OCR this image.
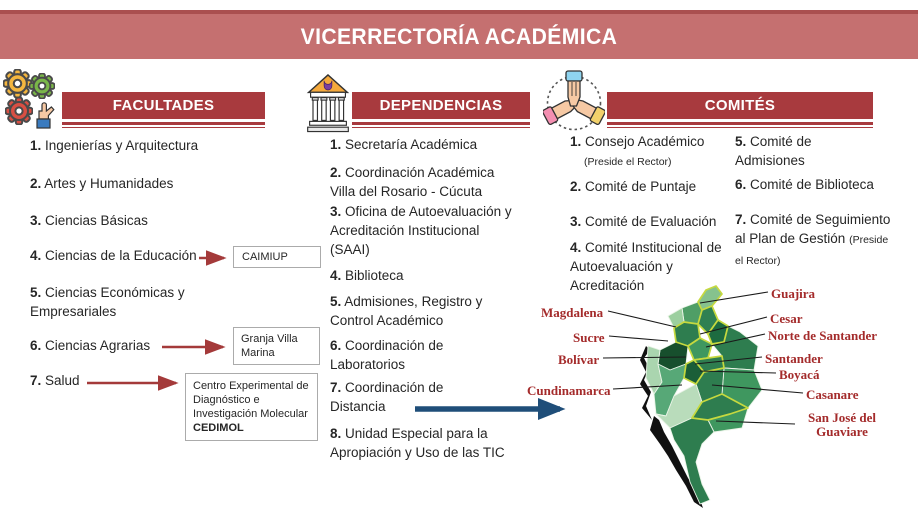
VICERRECTORÍA ACADÉMICA
FACULTADES	DEPENDENCIAS	COMITÉS
1. Ingenierías y Arquitectura
2. Artes y Humanidades
3. Ciencias Básicas
4. Ciencias de la Educación
5. Ciencias Económicas y Empresariales
6. Ciencias Agrarias
7. Salud
CAIMIUP
Granja Villa Marina
Centro Experimental de Diagnóstico e Investigación Molecular
CEDIMOL
1. Secretaría Académica
2. Coordinación Académica Villa del Rosario - Cúcuta
3. Oficina de Autoevaluación y Acreditación Institucional (SAAI)
4. Biblioteca
5. Admisiones, Registro y Control Académico
6. Coordinación de Laboratorios
7. Coordinación de Distancia
8. Unidad Especial para la Apropiación y Uso de las TIC
1. Consejo Académico
(Preside el Rector)
2. Comité de Puntaje
3. Comité de Evaluación
4. Comité Institucional de Autoevaluación y Acreditación
5. Comité de Admisiones
6. Comité de Biblioteca
7. Comité de Seguimiento al Plan de Gestión (Preside el Rector)
Guajira
Magdalena	Cesar
Sucre	Norte de Santander
Bolívar	Santander
Boyacá
Cundinamarca	Casanare
San José del Guaviare
